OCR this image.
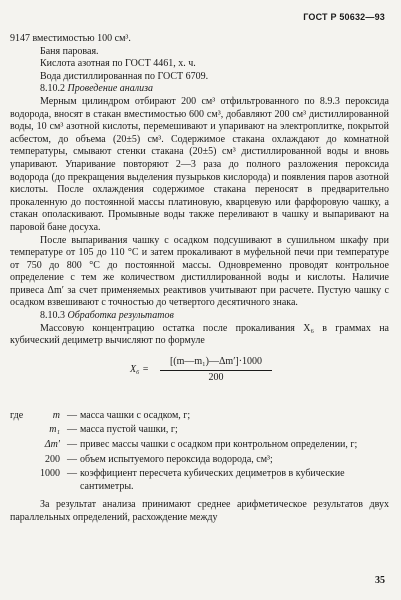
ГОСТ Р 50632—93
9147 вместимостью 100 см³.
Баня паровая.
Кислота азотная по ГОСТ 4461, х. ч.
Вода дистиллированная по ГОСТ 6709.
8.10.2 Проведение анализа

Мерным цилиндром отбирают 200 см³ отфильтрованного по 8.9.3 пероксида водорода, вносят в стакан вместимостью 600 см³, добавляют 200 см³ дистиллированной воды, 10 см³ азотной кислоты, перемешивают и упаривают на электроплитке, покрытой асбестом, до объема (20±5) см³. Содержимое стакана охлаждают до комнатной температуры, смывают стенки стакана (20±5) см³ дистиллированной воды и вновь упаривают. Упаривание повторяют 2—3 раза до полного разложения пероксида водорода (до прекращения выделения пузырьков кислорода) и появления паров азотной кислоты. После охлаждения содержимое стакана переносят в предварительно прокаленную до постоянной массы платиновую, кварцевую или фарфоровую чашку, а стакан ополаскивают. Промывные воды также переливают в чашку и выпаривают на паровой бане досуха.

После выпаривания чашку с осадком подсушивают в сушильном шкафу при температуре от 105 до 110 °С и затем прокаливают в муфельной печи при температуре от 750 до 800 °С до постоянной массы. Одновременно проводят контрольное определение с тем же количеством дистиллированной воды и кислоты. Наличие привеса Δm′ за счет применяемых реактивов учитывают при расчете. Пустую чашку с осадком взвешивают с точностью до четвертого десятичного знака.

8.10.3 Обработка результатов

Массовую концентрацию остатка после прокаливания X₆ в граммах на кубический дециметр вычисляют по формуле

X₆ =
[(m—m₁)—Δm′]·1000
200
где	m — масса чашки с осадком, г;
m₁ — масса пустой чашки, г;
Δm′ — привес массы чашки с осадком при контрольном определении, г;
200 — объем испытуемого пероксида водорода, см³;
1000 — коэффициент пересчета кубических дециметров в кубические сантиметры.

За результат анализа принимают среднее арифметическое результатов двух параллельных определений, расхождение между

35
